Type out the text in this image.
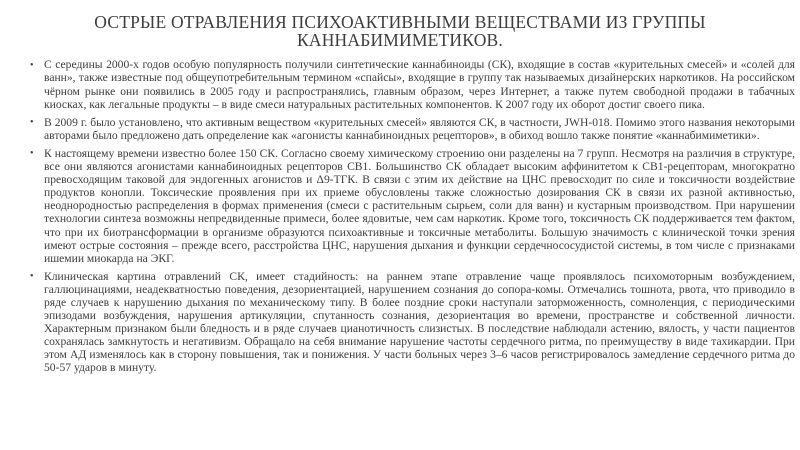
ОСТРЫЕ ОТРАВЛЕНИЯ ПСИХОАКТИВНЫМИ ВЕЩЕСТВАМИ ИЗ ГРУППЫ КАННАБИМИМЕТИКОВ.
• С середины 2000-х годов особую популярность получили синтетические каннабиноиды (СК), входящие в состав «курительных смесей» и «солей для ванн», также известные под общеупотребительным термином «спайсы», входящие в группу так называемых дизайнерских наркотиков. На российском чёрном рынке они появились в 2005 году и распространялись, главным образом, через Интернет, а также путем свободной продажи в табачных киосках, как легальные продукты – в виде смеси натуральных растительных компонентов. К 2007 году их оборот достиг своего пика.
• В 2009 г. было установлено, что активным веществом «курительных смесей» являются СК, в частности, JWH-018. Помимо этого названия некоторыми авторами было предложено дать определение как «агонисты каннабиноидных рецепторов», в обиход вошло также понятие «каннабимиметики».
• К настоящему времени известно более 150 СК. Согласно своему химическому строению они разделены на 7 групп. Несмотря на различия в структуре, все они являются агонистами каннабиноидных рецепторов СВ1. Большинство СК обладает высоким аффинитетом к СВ1-рецепторам, многократно превосходящим таковой для эндогенных агонистов и Δ9-ТГК. В связи с этим их действие на ЦНС превосходит по силе и токсичности воздействие продуктов конопли. Токсические проявления при их приеме обусловлены также сложностью дозирования СК в связи их разной активностью, неоднородностью распределения в формах применения (смеси с растительным сырьем, соли для ванн) и кустарным производством. При нарушении технологии синтеза возможны непредвиденные примеси, более ядовитые, чем сам наркотик. Кроме того, токсичность СК поддерживается тем фактом, что при их биотрансформации в организме образуются психоактивные и токсичные метаболиты. Большую значимость с клинической точки зрения имеют острые состояния – прежде всего, расстройства ЦНС, нарушения дыхания и функции сердечнососудистой системы, в том числе с признаками ишемии миокарда на ЭКГ.
• Клиническая картина отравлений СК, имеет стадийность: на раннем этапе отравление чаще проявлялось психомоторным возбуждением, галлюцинациями, неадекватностью поведения, дезориентацией, нарушением сознания до сопора-комы. Отмечались тошнота, рвота, что приводило в ряде случаев к нарушению дыхания по механическому типу. В более поздние сроки наступали заторможенность, сомноленция, с периодическими эпизодами возбуждения, нарушения артикуляции, спутанность сознания, дезориентация во времени, пространстве и собственной личности. Характерным признаком были бледность и в ряде случаев цианотичность слизистых. В последствие наблюдали астению, вялость, у части пациентов сохранялась замкнутость и негативизм. Обращало на себя внимание нарушение частоты сердечного ритма, по преимуществу в виде тахикардии. При этом АД изменялось как в сторону повышения, так и понижения. У части больных через 3–6 часов регистрировалось замедление сердечного ритма до 50-57 ударов в минуту.
